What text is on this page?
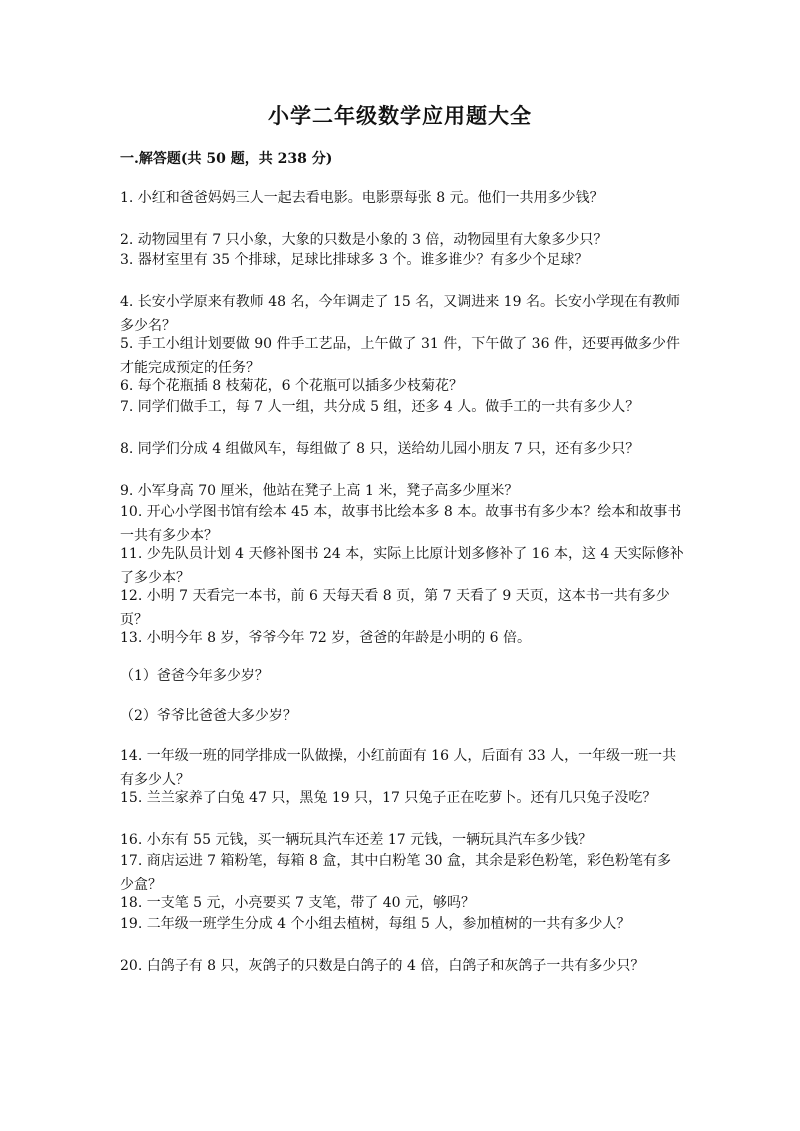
小学二年级数学应用题大全
一.解答题(共 50 题，共 238 分)
1. 小红和爸爸妈妈三人一起去看电影。电影票每张 8 元。他们一共用多少钱？
2. 动物园里有 7 只小象，大象的只数是小象的 3 倍，动物园里有大象多少只？
3. 器材室里有 35 个排球，足球比排球多 3 个。谁多谁少？有多少个足球？
4. 长安小学原来有教师 48 名，今年调走了 15 名，又调进来 19 名。长安小学现在有教师多少名？
5. 手工小组计划要做 90 件手工艺品，上午做了 31 件，下午做了 36 件，还要再做多少件才能完成预定的任务？
6. 每个花瓶插 8 枝菊花，6 个花瓶可以插多少枝菊花？
7. 同学们做手工，每 7 人一组，共分成 5 组，还多 4 人。做手工的一共有多少人？
8. 同学们分成 4 组做风车，每组做了 8 只，送给幼儿园小朋友 7 只，还有多少只？
9. 小军身高 70 厘米，他站在凳子上高 1 米，凳子高多少厘米？
10. 开心小学图书馆有绘本 45 本，故事书比绘本多 8 本。故事书有多少本？绘本和故事书一共有多少本？
11. 少先队员计划 4 天修补图书 24 本，实际上比原计划多修补了 16 本，这 4 天实际修补了多少本？
12. 小明 7 天看完一本书，前 6 天每天看 8 页，第 7 天看了 9 天页，这本书一共有多少页？
13. 小明今年 8 岁，爷爷今年 72 岁，爸爸的年龄是小明的 6 倍。
（1）爸爸今年多少岁？
（2）爷爷比爸爸大多少岁？
14. 一年级一班的同学排成一队做操，小红前面有 16 人，后面有 33 人，一年级一班一共有多少人？
15. 兰兰家养了白兔 47 只，黑兔 19 只，17 只兔子正在吃萝卜。还有几只兔子没吃？
16. 小东有 55 元钱，买一辆玩具汽车还差 17 元钱，一辆玩具汽车多少钱？
17. 商店运进 7 箱粉笔，每箱 8 盒，其中白粉笔 30 盒，其余是彩色粉笔，彩色粉笔有多少盒？
18. 一支笔 5 元，小亮要买 7 支笔，带了 40 元，够吗？
19. 二年级一班学生分成 4 个小组去植树，每组 5 人，参加植树的一共有多少人？
20. 白鸽子有 8 只，灰鸽子的只数是白鸽子的 4 倍，白鸽子和灰鸽子一共有多少只？
